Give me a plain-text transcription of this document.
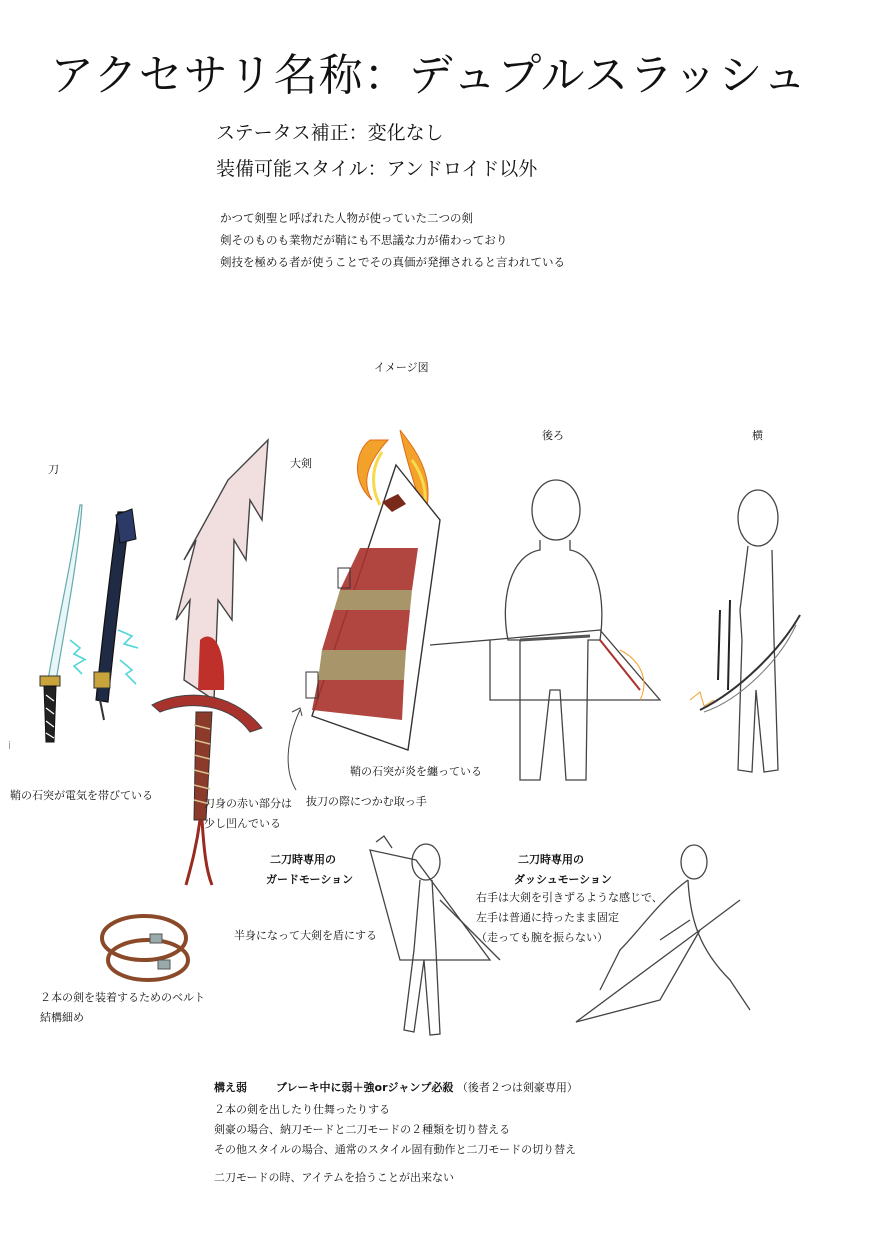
アクセサリ名称：デュプルスラッシュ
ステータス補正：変化なし
装備可能スタイル：アンドロイド以外
かつて剣聖と呼ばれた人物が使っていた二つの剣
剣そのものも業物だが鞘にも不思議な力が備わっており
剣技を極める者が使うことでその真価が発揮されると言われている
イメージ図
刀	大剣
後ろ	横
i
鞘の石突が電気を帯びている
刀身の赤い部分は
少し凹んでいる
抜刀の際につかむ取っ手
鞘の石突が炎を纏っている
二刀時専用の
ガードモーション
半身になって大剣を盾にする
二刀時専用の
ダッシュモーション
右手は大剣を引きずるような感じで、
左手は普通に持ったまま固定
（走っても腕を振らない）
２本の剣を装着するためのベルト
結構細め
構え弱	ブレーキ中に弱＋強orジャンプ必殺 （後者２つは剣豪専用）
２本の剣を出したり仕舞ったりする
剣豪の場合、納刀モードと二刀モードの２種類を切り替える
その他スタイルの場合、通常のスタイル固有動作と二刀モードの切り替え
二刀モードの時、アイテムを拾うことが出来ない
